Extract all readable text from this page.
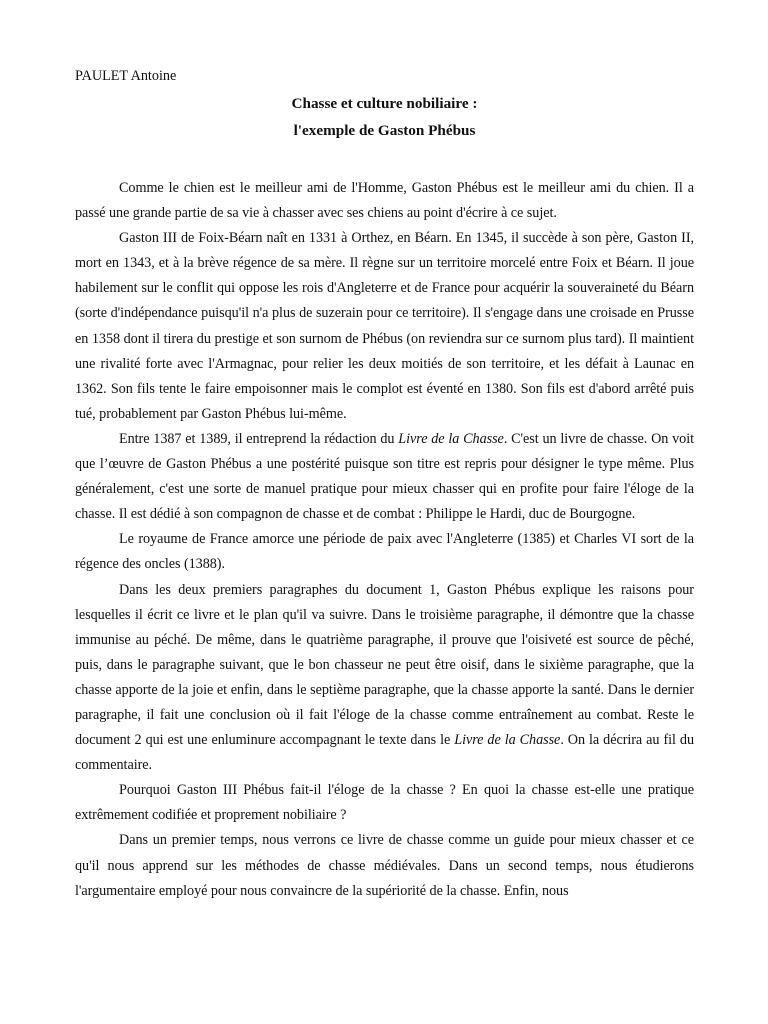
PAULET Antoine

Chasse et culture nobiliaire :

l'exemple de Gaston Phébus

Comme le chien est le meilleur ami de l'Homme, Gaston Phébus est le meilleur ami du chien. Il a passé une grande partie de sa vie à chasser avec ses chiens au point d'écrire à ce sujet.

Gaston III de Foix-Béarn naît en 1331 à Orthez, en Béarn. En 1345, il succède à son père, Gaston II, mort en 1343, et à la brève régence de sa mère. Il règne sur un territoire morcelé entre Foix et Béarn. Il joue habilement sur le conflit qui oppose les rois d'Angleterre et de France pour acquérir la souveraineté du Béarn (sorte d'indépendance puisqu'il n'a plus de suzerain pour ce territoire). Il s'engage dans une croisade en Prusse en 1358 dont il tirera du prestige et son surnom de Phébus (on reviendra sur ce surnom plus tard). Il maintient une rivalité forte avec l'Armagnac, pour relier les deux moitiés de son territoire, et les défait à Launac en 1362. Son fils tente le faire empoisonner mais le complot est éventé en 1380. Son fils est d'abord arrêté puis tué, probablement par Gaston Phébus lui-même.

Entre 1387 et 1389, il entreprend la rédaction du Livre de la Chasse. C'est un livre de chasse. On voit que l’œuvre de Gaston Phébus a une postérité puisque son titre est repris pour désigner le type même. Plus généralement, c'est une sorte de manuel pratique pour mieux chasser qui en profite pour faire l'éloge de la chasse. Il est dédié à son compagnon de chasse et de combat : Philippe le Hardi, duc de Bourgogne.

Le royaume de France amorce une période de paix avec l'Angleterre (1385) et Charles VI sort de la régence des oncles (1388).

Dans les deux premiers paragraphes du document 1, Gaston Phébus explique les raisons pour lesquelles il écrit ce livre et le plan qu'il va suivre. Dans le troisième paragraphe, il démontre que la chasse immunise au péché. De même, dans le quatrième paragraphe, il prouve que l'oisiveté est source de pêché, puis, dans le paragraphe suivant, que le bon chasseur ne peut être oisif, dans le sixième paragraphe, que la chasse apporte de la joie et enfin, dans le septième paragraphe, que la chasse apporte la santé. Dans le dernier paragraphe, il fait une conclusion où il fait l'éloge de la chasse comme entraînement au combat. Reste le document 2 qui est une enluminure accompagnant le texte dans le Livre de la Chasse. On la décrira au fil du commentaire.

Pourquoi Gaston III Phébus fait-il l'éloge de la chasse ? En quoi la chasse est-elle une pratique extrêmement codifiée et proprement nobiliaire ?

Dans un premier temps, nous verrons ce livre de chasse comme un guide pour mieux chasser et ce qu'il nous apprend sur les méthodes de chasse médiévales. Dans un second temps, nous étudierons l'argumentaire employé pour nous convaincre de la supériorité de la chasse. Enfin, nous
